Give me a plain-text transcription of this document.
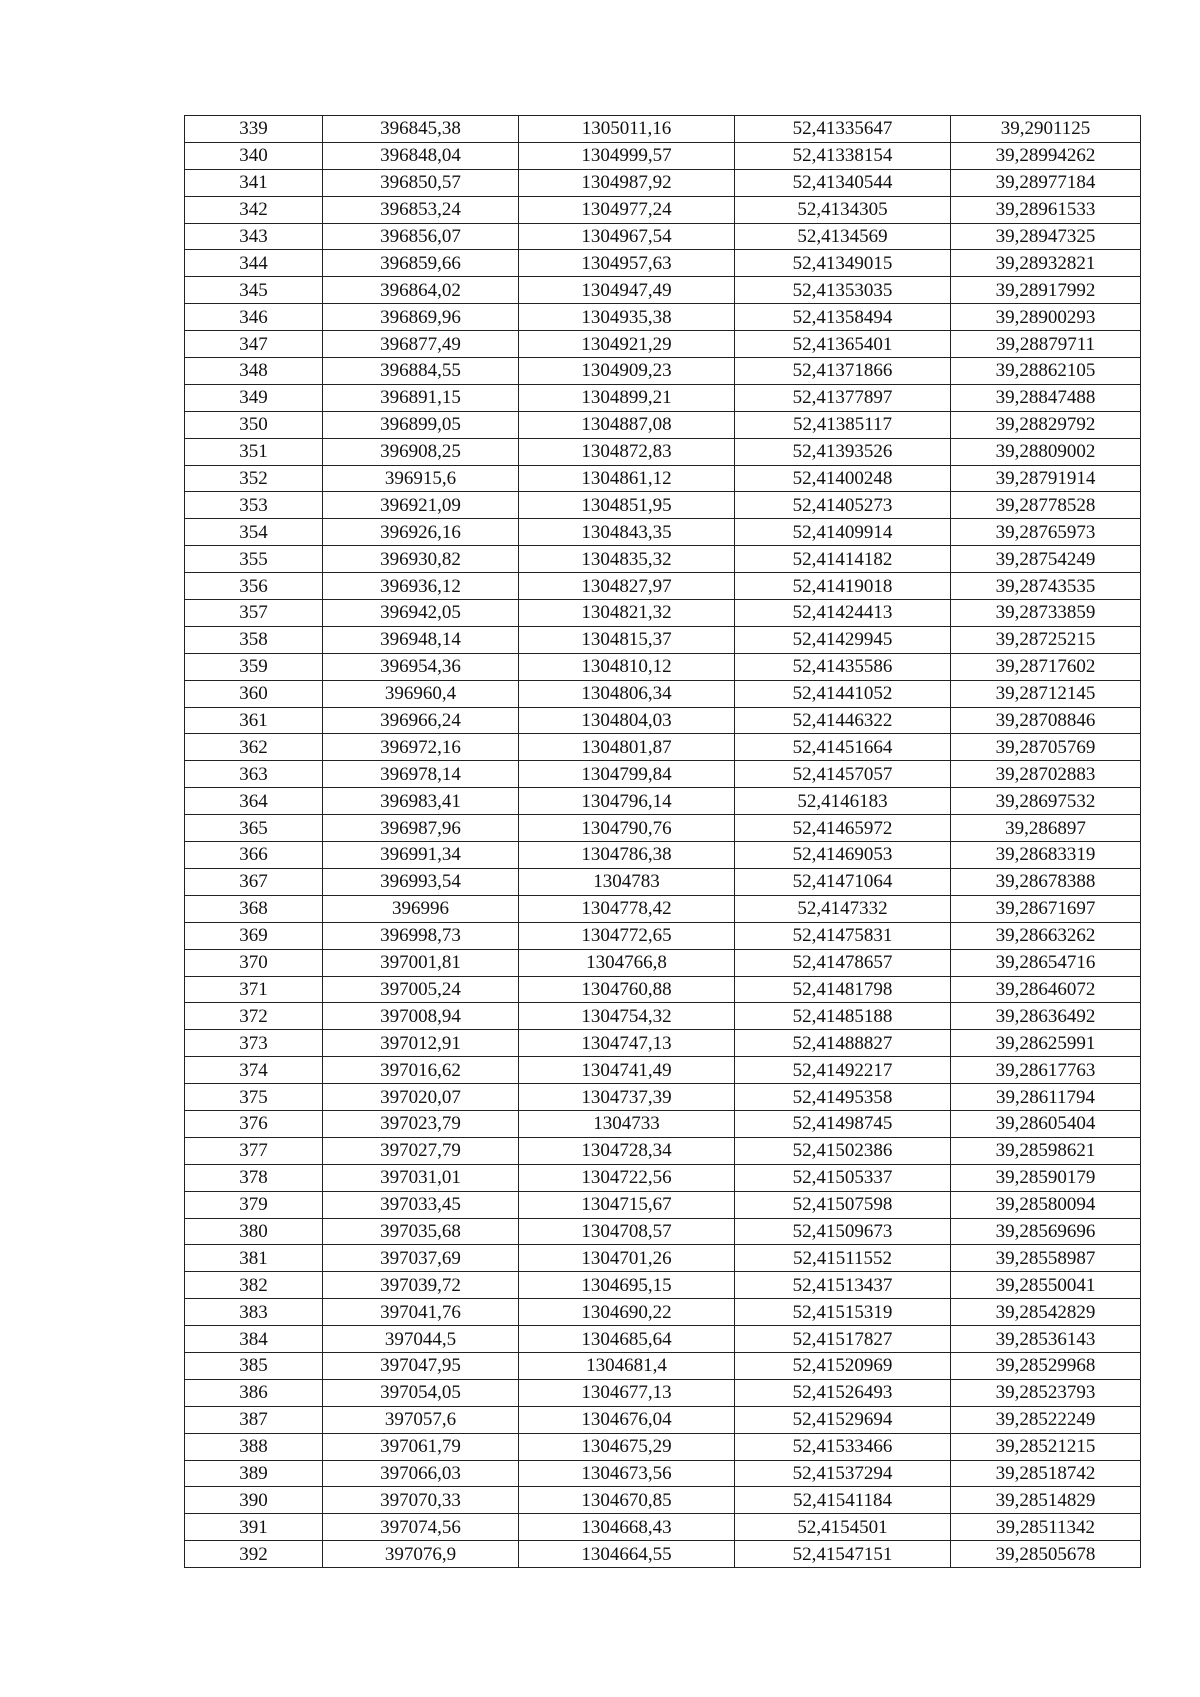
339	396845,38	1305011,16	52,41335647	39,2901125
340	396848,04	1304999,57	52,41338154	39,28994262
341	396850,57	1304987,92	52,41340544	39,28977184
342	396853,24	1304977,24	52,4134305	39,28961533
343	396856,07	1304967,54	52,4134569	39,28947325
344	396859,66	1304957,63	52,41349015	39,28932821
345	396864,02	1304947,49	52,41353035	39,28917992
346	396869,96	1304935,38	52,41358494	39,28900293
347	396877,49	1304921,29	52,41365401	39,28879711
348	396884,55	1304909,23	52,41371866	39,28862105
349	396891,15	1304899,21	52,41377897	39,28847488
350	396899,05	1304887,08	52,41385117	39,28829792
351	396908,25	1304872,83	52,41393526	39,28809002
352	396915,6	1304861,12	52,41400248	39,28791914
353	396921,09	1304851,95	52,41405273	39,28778528
354	396926,16	1304843,35	52,41409914	39,28765973
355	396930,82	1304835,32	52,41414182	39,28754249
356	396936,12	1304827,97	52,41419018	39,28743535
357	396942,05	1304821,32	52,41424413	39,28733859
358	396948,14	1304815,37	52,41429945	39,28725215
359	396954,36	1304810,12	52,41435586	39,28717602
360	396960,4	1304806,34	52,41441052	39,28712145
361	396966,24	1304804,03	52,41446322	39,28708846
362	396972,16	1304801,87	52,41451664	39,28705769
363	396978,14	1304799,84	52,41457057	39,28702883
364	396983,41	1304796,14	52,4146183	39,28697532
365	396987,96	1304790,76	52,41465972	39,286897
366	396991,34	1304786,38	52,41469053	39,28683319
367	396993,54	1304783	52,41471064	39,28678388
368	396996	1304778,42	52,4147332	39,28671697
369	396998,73	1304772,65	52,41475831	39,28663262
370	397001,81	1304766,8	52,41478657	39,28654716
371	397005,24	1304760,88	52,41481798	39,28646072
372	397008,94	1304754,32	52,41485188	39,28636492
373	397012,91	1304747,13	52,41488827	39,28625991
374	397016,62	1304741,49	52,41492217	39,28617763
375	397020,07	1304737,39	52,41495358	39,28611794
376	397023,79	1304733	52,41498745	39,28605404
377	397027,79	1304728,34	52,41502386	39,28598621
378	397031,01	1304722,56	52,41505337	39,28590179
379	397033,45	1304715,67	52,41507598	39,28580094
380	397035,68	1304708,57	52,41509673	39,28569696
381	397037,69	1304701,26	52,41511552	39,28558987
382	397039,72	1304695,15	52,41513437	39,28550041
383	397041,76	1304690,22	52,41515319	39,28542829
384	397044,5	1304685,64	52,41517827	39,28536143
385	397047,95	1304681,4	52,41520969	39,28529968
386	397054,05	1304677,13	52,41526493	39,28523793
387	397057,6	1304676,04	52,41529694	39,28522249
388	397061,79	1304675,29	52,41533466	39,28521215
389	397066,03	1304673,56	52,41537294	39,28518742
390	397070,33	1304670,85	52,41541184	39,28514829
391	397074,56	1304668,43	52,4154501	39,28511342
392	397076,9	1304664,55	52,41547151	39,28505678
